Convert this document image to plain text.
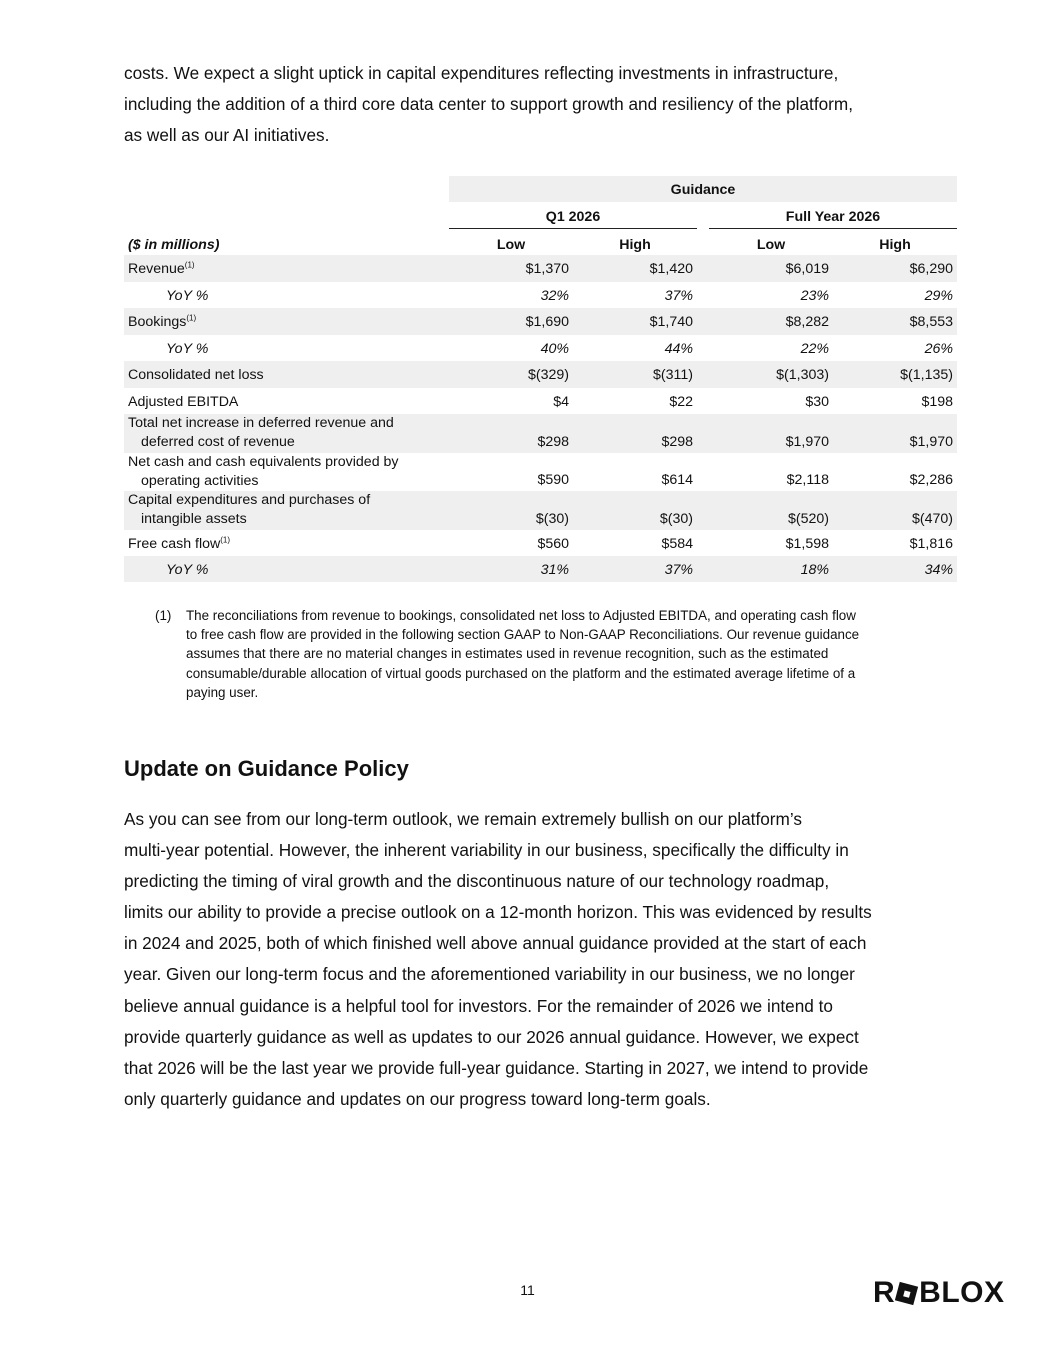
costs. We expect a slight uptick in capital expenditures reflecting investments in infrastructure,
including the addition of a third core data center to support growth and resiliency of the platform,
as well as our AI initiatives.

Guidance
Q1 2026	Full Year 2026
($ in millions)	Low	High	Low	High
Revenue$^{(1)}$	$1,370	$1,420	$6,019	$6,290
YoY %	32%	37%	23%	29%
Bookings$^{(1)}$	$1,690	$1,740	$8,282	$8,553
YoY %	40%	44%	22%	26%
Consolidated net loss	$(329)	$(311)	$(1,303)	$(1,135)
Adjusted EBITDA	$4	$22	$30	$198
Total net increase in deferred revenue and
deferred cost of revenue	$298	$298	$1,970	$1,970
Net cash and cash equivalents provided by
operating activities	$590	$614	$2,118	$2,286
Capital expenditures and purchases of
intangible assets	$(30)	$(30)	$(520)	$(470)
Free cash flow$^{(1)}$	$560	$584	$1,598	$1,816
YoY %	31%	37%	18%	34%
(1) The reconciliations from revenue to bookings, consolidated net loss to Adjusted EBITDA, and operating cash flow
to free cash flow are provided in the following section GAAP to Non-GAAP Reconciliations. Our revenue guidance
assumes that there are no material changes in estimates used in revenue recognition, such as the estimated
consumable/durable allocation of virtual goods purchased on the platform and the estimated average lifetime of a
paying user.
Update on Guidance Policy

As you can see from our long-term outlook, we remain extremely bullish on our platform’s
multi-year potential. However, the inherent variability in our business, specifically the difficulty in
predicting the timing of viral growth and the discontinuous nature of our technology roadmap,
limits our ability to provide a precise outlook on a 12-month horizon. This was evidenced by results
in 2024 and 2025, both of which finished well above annual guidance provided at the start of each
year. Given our long-term focus and the aforementioned variability in our business, we no longer
believe annual guidance is a helpful tool for investors. For the remainder of 2026 we intend to
provide quarterly guidance as well as updates to our 2026 annual guidance. However, we expect
that 2026 will be the last year we provide full-year guidance. Starting in 2027, we intend to provide
only quarterly guidance and updates on our progress toward long-term goals.

11	R BLOX
